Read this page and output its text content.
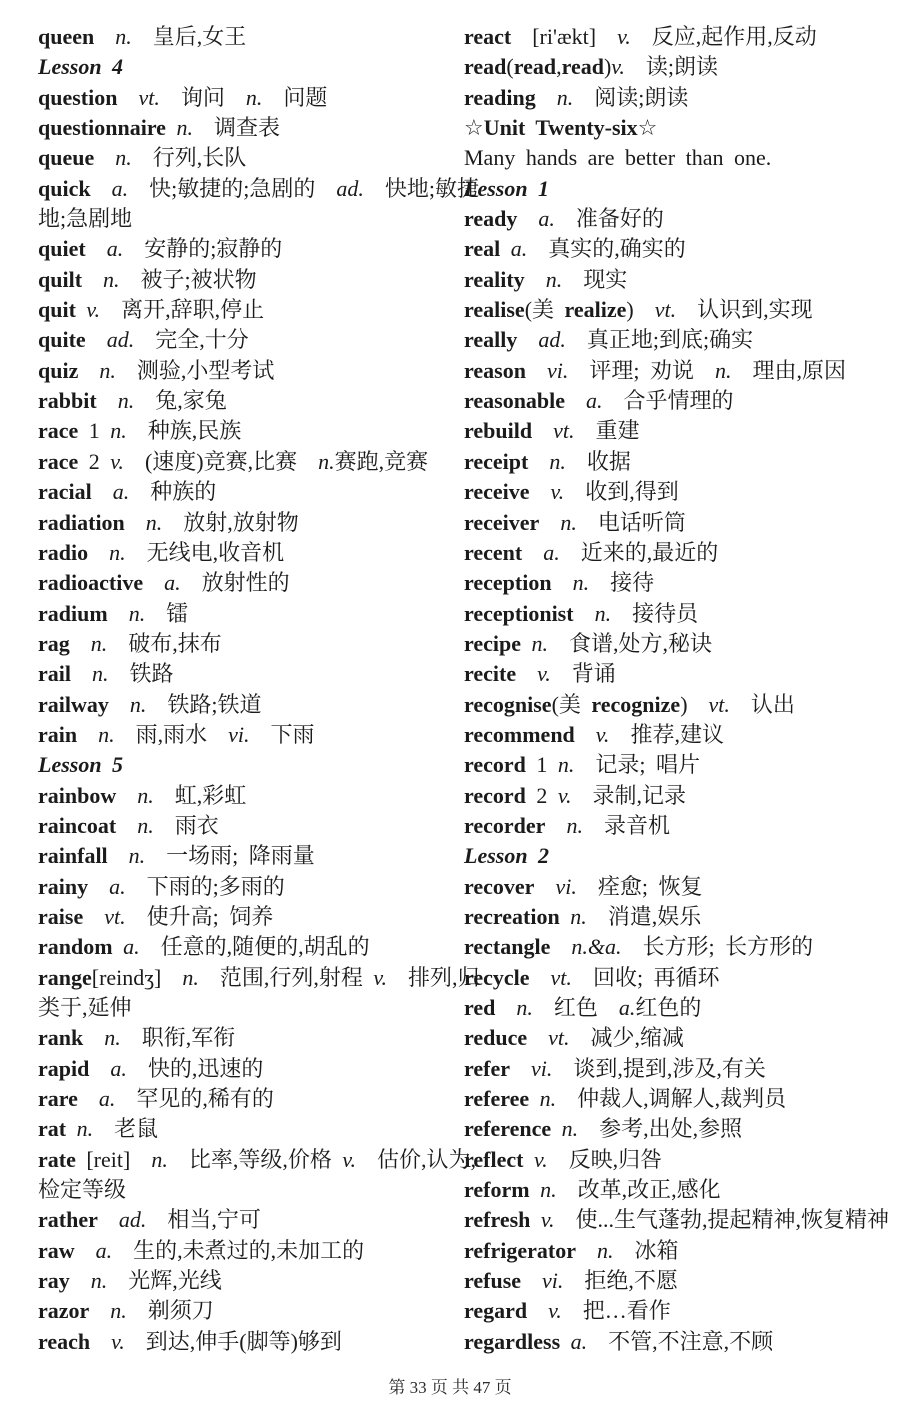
queen n.  皇后,女王
Lesson 4
question vt.  询问  n.  问题
questionnaire n.  调查表
queue n.  行列,长队
quick a.  快;敏捷的;急剧的  ad.  快地;敏捷
地;急剧地
quiet a.  安静的;寂静的
quilt n.  被子;被状物
quit v.  离开,辞职,停止
quite ad.  完全,十分
quiz n.  测验,小型考试
rabbit n.  兔,家兔
race 1 n.  种族,民族
race 2 v.  (速度)竞赛,比赛  n.赛跑,竞赛
racial a.  种族的
radiation n.  放射,放射物
radio n.  无线电,收音机
radioactive a.  放射性的
radium n.  镭
rag n.  破布,抹布
rail n.  铁路
railway n.  铁路;铁道
rain n.  雨,雨水  vi.  下雨
Lesson 5
rainbow n.  虹,彩虹
raincoat n.  雨衣
rainfall n.  一场雨; 降雨量
rainy a.  下雨的;多雨的
raise vt.  使升高; 饲养
random a.  任意的,随便的,胡乱的
range[reindʒ]  n.  范围,行列,射程 v.  排列,归
类于,延伸
rank n.  职衔,军衔
rapid a.  快的,迅速的
rare a.  罕见的,稀有的
rat n.  老鼠
rate [reit]  n.  比率,等级,价格 v.  估价,认为,
检定等级
rather ad.  相当,宁可
raw a.  生的,未煮过的,未加工的
ray n.  光辉,光线
razor n.  剃须刀
reach v.  到达,伸手(脚等)够到
react  [ri'ækt]  v.  反应,起作用,反动
read(read,read)v.  读;朗读
reading n.  阅读;朗读
☆Unit Twenty-six☆
Many hands are better than one.
Lesson 1
ready a.  准备好的
real a.  真实的,确实的
reality n.  现实
realise(美 realize)  vt.  认识到,实现
really ad.  真正地;到底;确实
reason vi.  评理; 劝说  n.  理由,原因
reasonable a.  合乎情理的
rebuild vt.  重建
receipt n.  收据
receive v.  收到,得到
receiver n.  电话听筒
recent a.  近来的,最近的
reception n.  接待
receptionist n.  接待员
recipe n.  食谱,处方,秘诀
recite v.  背诵
recognise(美 recognize)  vt.  认出
recommend v.  推荐,建议
record 1 n.  记录; 唱片
record 2 v.  录制,记录
recorder n.  录音机
Lesson 2
recover vi.  痊愈; 恢复
recreation n.  消遣,娱乐
rectangle n.&a.  长方形; 长方形的
recycle vt.  回收; 再循环
red n.  红色  a.红色的
reduce vt.  减少,缩减
refer vi.  谈到,提到,涉及,有关
referee n.  仲裁人,调解人,裁判员
reference n.  参考,出处,参照
reflect v.  反映,归咎
reform n.  改革,改正,感化
refresh v.  使...生气蓬勃,提起精神,恢复精神
refrigerator n.  冰箱
refuse vi.  拒绝,不愿
regard v.  把…看作
regardless a.  不管,不注意,不顾
第 33 页 共 47 页
